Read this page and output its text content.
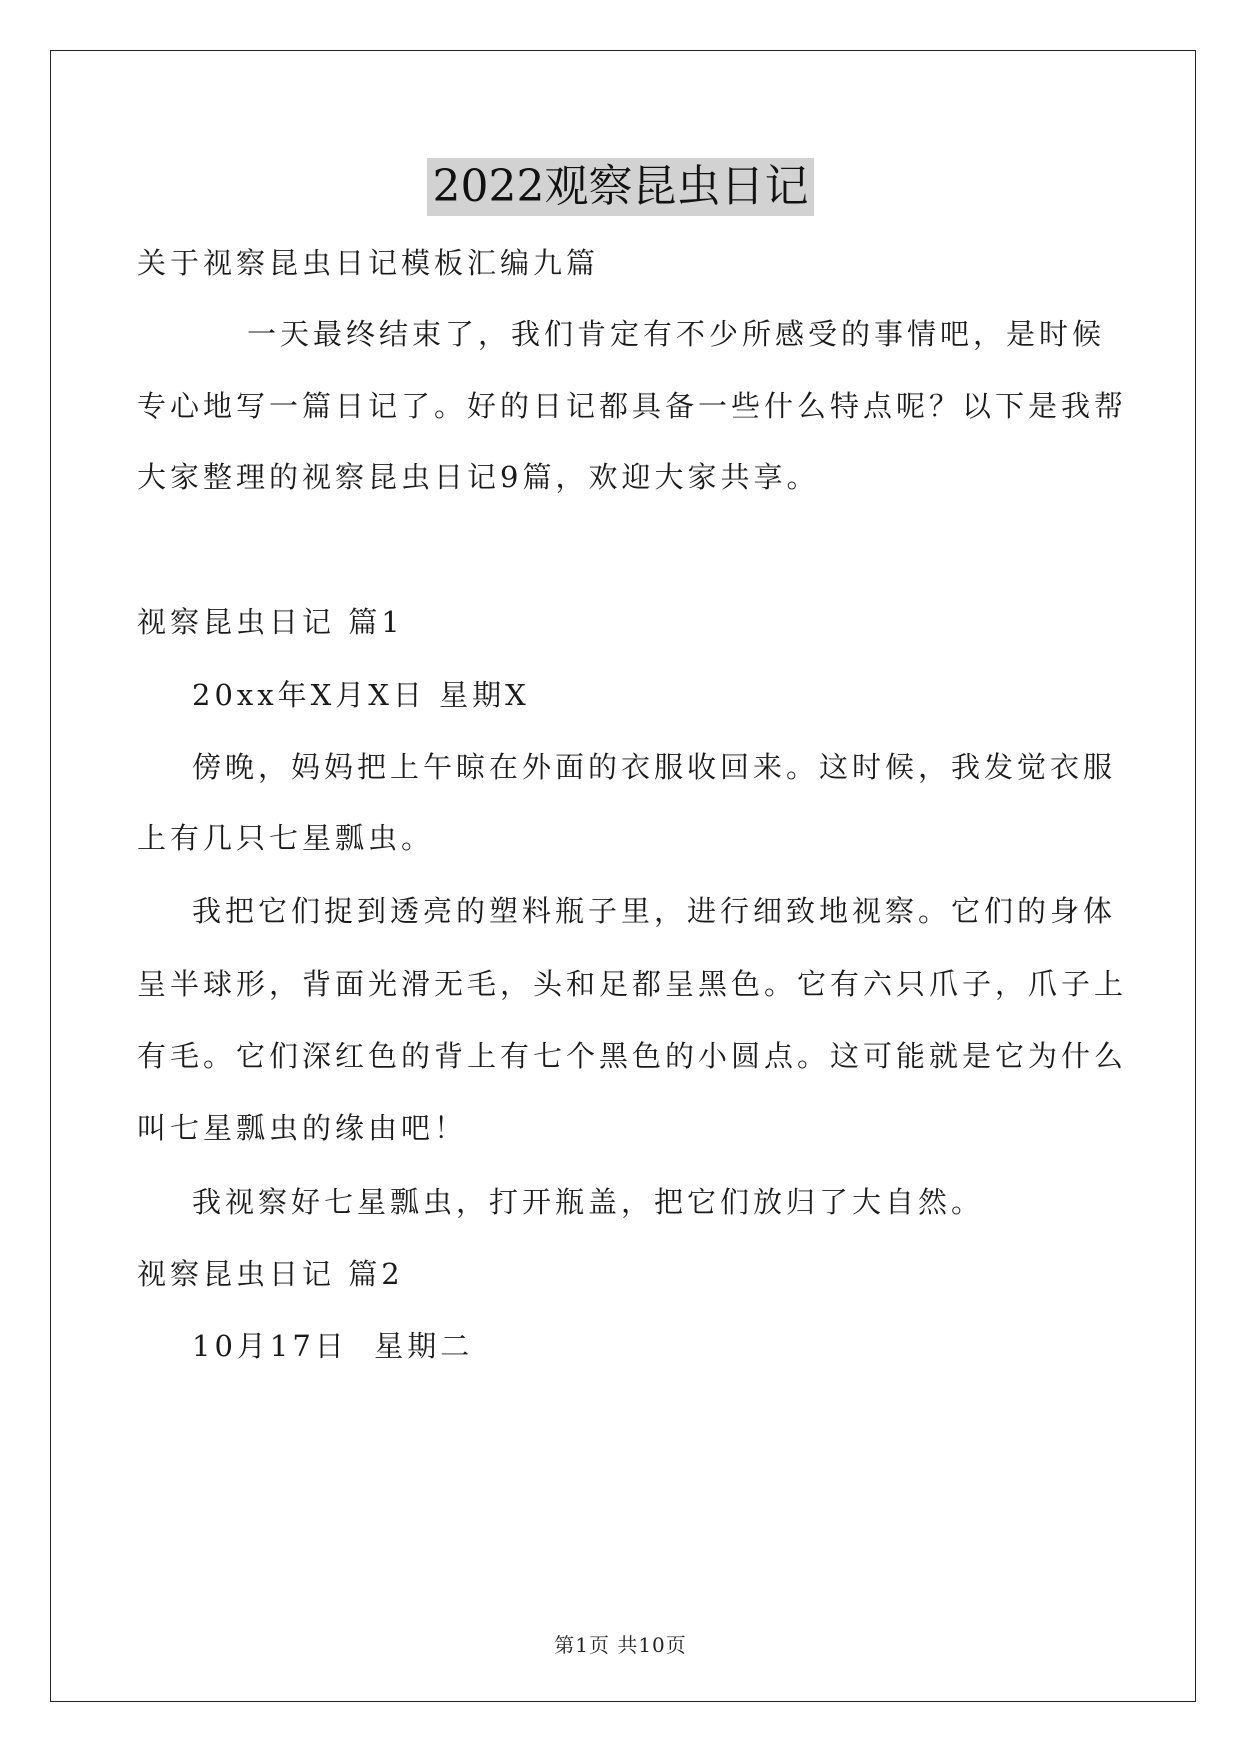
2022观察昆虫日记
关于视察昆虫日记模板汇编九篇
一天最终结束了，我们肯定有不少所感受的事情吧，是时候
专心地写一篇日记了。好的日记都具备一些什么特点呢？以下是我帮
大家整理的视察昆虫日记9篇，欢迎大家共享。
视察昆虫日记 篇1
20xx年X月X日 星期X
傍晚，妈妈把上午晾在外面的衣服收回来。这时候，我发觉衣服
上有几只七星瓢虫。
我把它们捉到透亮的塑料瓶子里，进行细致地视察。它们的身体
呈半球形，背面光滑无毛，头和足都呈黑色。它有六只爪子，爪子上
有毛。它们深红色的背上有七个黑色的小圆点。这可能就是它为什么
叫七星瓢虫的缘由吧！
我视察好七星瓢虫，打开瓶盖，把它们放归了大自然。
视察昆虫日记 篇2
10月17日  星期二
第1页 共10页
